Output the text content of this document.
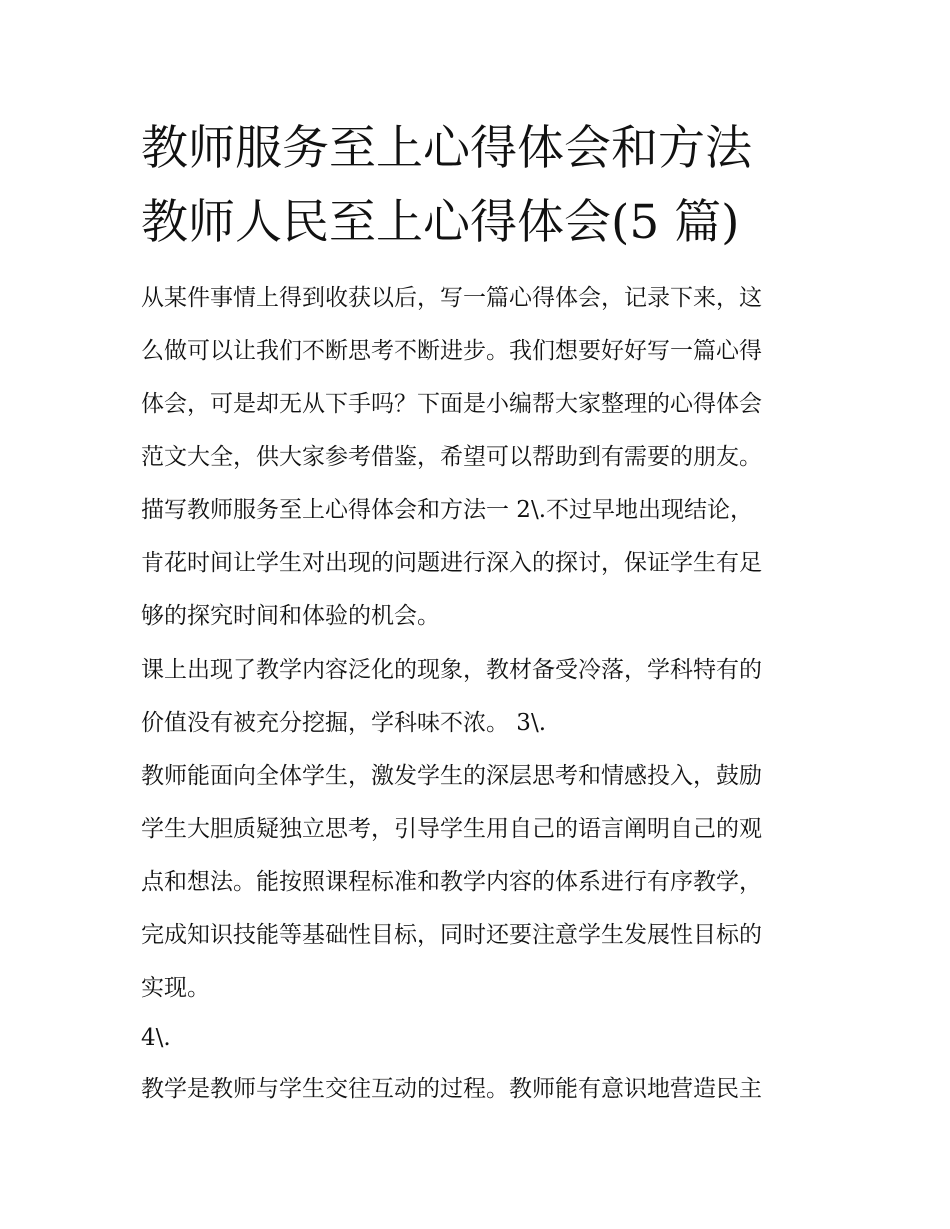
教师服务至上心得体会和方法
教师人民至上心得体会(5 篇)
从某件事情上得到收获以后，写一篇心得体会，记录下来，这
么做可以让我们不断思考不断进步。我们想要好好写一篇心得
体会，可是却无从下手吗？下面是小编帮大家整理的心得体会
范文大全，供大家参考借鉴，希望可以帮助到有需要的朋友。
描写教师服务至上心得体会和方法一 2\.不过早地出现结论，
肯花时间让学生对出现的问题进行深入的探讨，保证学生有足
够的探究时间和体验的机会。
课上出现了教学内容泛化的现象，教材备受冷落，学科特有的
价值没有被充分挖掘，学科味不浓。 3\.
教师能面向全体学生，激发学生的深层思考和情感投入，鼓励
学生大胆质疑独立思考，引导学生用自己的语言阐明自己的观
点和想法。能按照课程标准和教学内容的体系进行有序教学，
完成知识技能等基础性目标，同时还要注意学生发展性目标的
实现。
4\.
教学是教师与学生交往互动的过程。教师能有意识地营造民主
